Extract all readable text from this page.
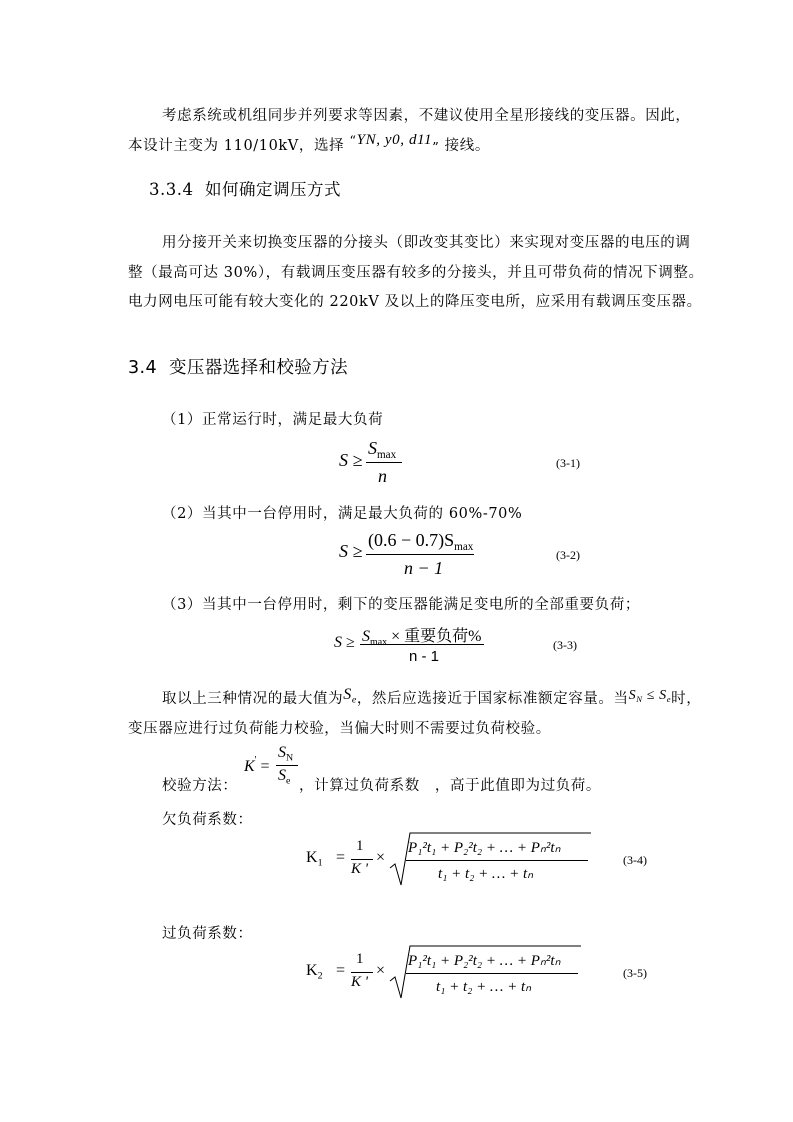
考虑系统或机组同步并列要求等因素，不建议使用全星形接线的变压器。因此，
本设计主变为 110/10kV，选择 “YN, y0, d11” 接线。
3.3.4 如何确定调压方式
用分接开关来切换变压器的分接头（即改变其变比）来实现对变压器的电压的调
整（最高可达 30%），有载调压变压器有较多的分接头，并且可带负荷的情况下调整。
电力网电压可能有较大变化的 220kV 及以上的降压变电所，应采用有载调压变压器。
3.4 变压器选择和校验方法
（1）正常运行时，满足最大负荷
S ≥
$S_{max}$
n
(3-1)
（2）当其中一台停用时，满足最大负荷的 60%-70%
S ≥
$(0.6 - 0.7)S_{max}$
n − 1
(3-2)
（3）当其中一台停用时，剩下的变压器能满足变电所的全部重要负荷；
$S \ge S_{max}$ × 重要负荷%
n - 1
(3-3)
取以上三种情况的最大值为$S_e$，然后应选接近于国家标准额定容量。当$S_N \le S_e$时，
变压器应进行过负荷能力校验，当偏大时则不需要过负荷校验。
K' =
$S_N$
$S_e$
校验方法：	，计算过负荷系数　，高于此值即为过负荷。
欠负荷系数：
$K_1$ =
1
K '
×
P₁²t₁ + P₂²t₂ + … + Pₙ²tₙ
t₁ + t₂ + … + tₙ
(3-4)
过负荷系数：
$K_2$ =
1
K '
×
P₁²t₁ + P₂²t₂ + … + Pₙ²tₙ
t₁ + t₂ + … + tₙ
(3-5)
